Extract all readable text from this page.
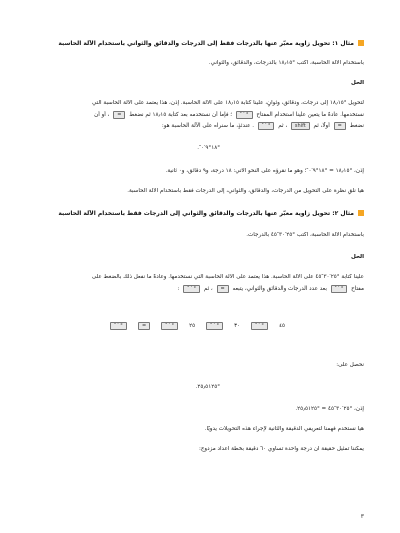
مثال ١: تحويل زاوية معبّر عنها بالدرجات فقط إلى الدرجات والدقائق والثواني باستخدام الآلة الحاسبة
باستخدام الآلة الحاسبة، اكتب °١٨٫١٥ بالدرجات، والدقائق، والثواني.
الحل
لتحويل °١٨٫١٥ إلى درجات، ودقائق، وثوانٍ، علينا كتابة ١٨٫١٥ على الآلة الحاسبة. إذن، هذا يعتمد على الآلة الحاسبة التي
نستخدمها. عادةً ما يتعين علينا استخدام المفتاح ° ′ ″ ؛ فإما أن نستخدمه بعد كتابة ١٨٫١٥ ثم نضغط = ، أو أن
نضغط = أولًا، ثم shift ، ثم ° ′ ″ . عندئذٍ، ما سنراه على الآلة الحاسبة هو:
°١٨°٩′٠″.
إذن، °١٨٫١٥ = °١٨°٩′٠″؛ وهو ما نقرؤه على النحو الآتي: ١٨ درجة، و٩ دقائق، و٠ ثانية.
هيا نلقِ نظرة على التحويل من الدرجات، والدقائق، والثواني، إلى الدرجات فقط باستخدام الآلة الحاسبة.
مثال ٢: تحويل زاوية معبّر عنها بالدرجات والدقائق والثواني إلى الدرجات فقط باستخدام الآلة الحاسبة
باستخدام الآلة الحاسبة، اكتب °٢٥′٣٠″٤٥ بالدرجات.
الحل
علينا كتابة °٢٥′٣٠″٤٥ على الآلة الحاسبة. هذا يعتمد على الآلة الحاسبة التي نستخدمها. وعادةً ما نفعل ذلك بالضغط على
مفتاح ° ′ ″ بعد عدد الدرجات والدقائق والثواني، يتبعه = ، ثم ° ′ ″ :
٤٥
° ′ ″
٣٠
° ′ ″
٢٥
° ′ ″
=
° ′ ″
نحصل على:
°٢٥٫٥١٢٥.
إذن، °٢٥′٣٠″٤٥ = °٢٥٫٥١٢٥.
هيا نستخدم فهمنا لتعريفي الدقيقة والثانية لإجراء هذه التحويلات يدويًا.
يمكننا تمثيل حقيقة أن درجة واحدة تساوي ٦٠ دقيقة بخطة أعداد مزدوج:
٣
